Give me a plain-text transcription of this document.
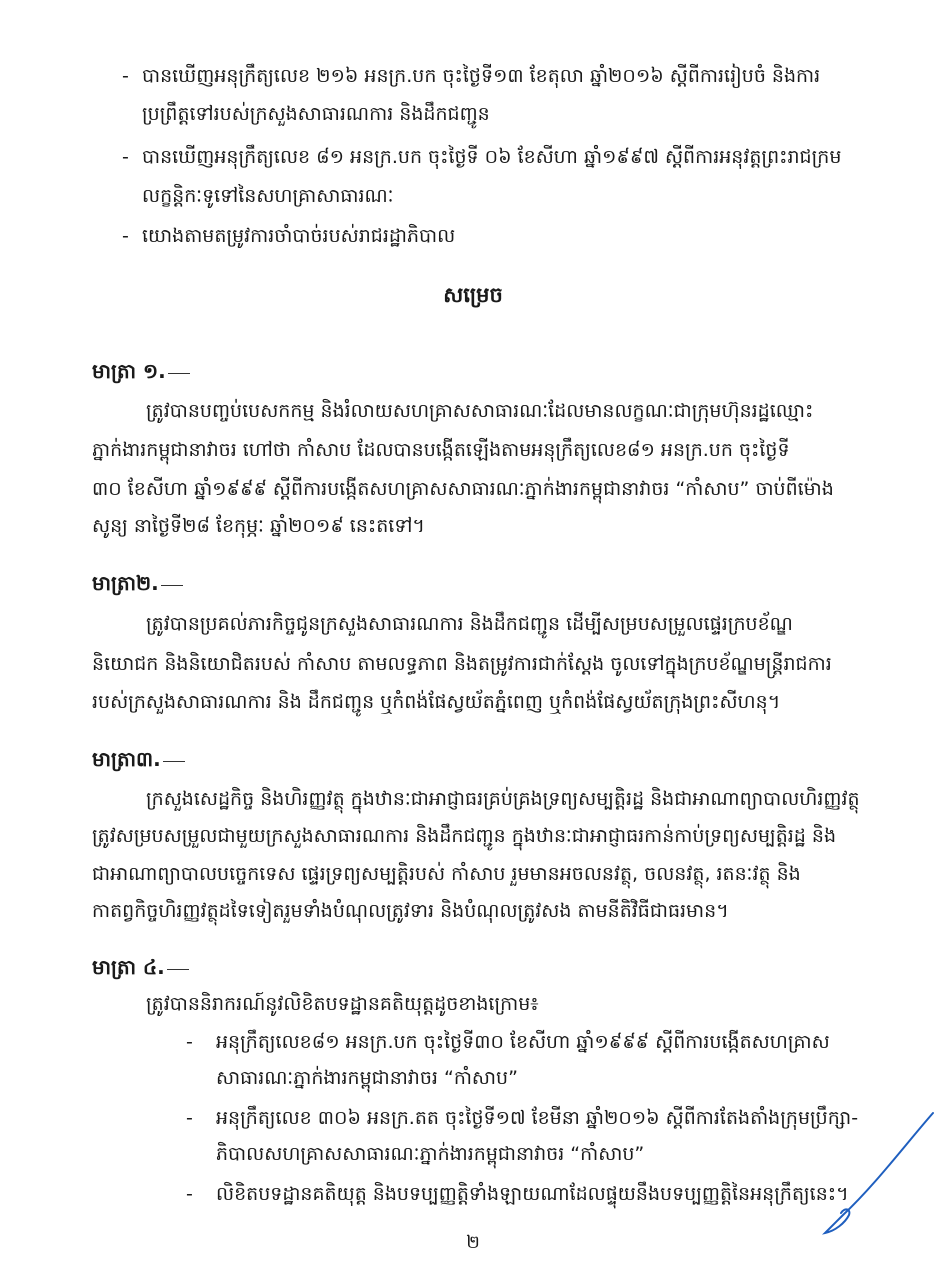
- បានឃើញអនុក្រឹត្យលេខ ២១៦ អនក្រ.បក ចុះថ្ងៃទី១៣ ខែតុលា ឆ្នាំ២០១៦ ស្តីពីការរៀបចំ និងការ
ប្រព្រឹត្តទៅរបស់ក្រសួងសាធារណការ និងដឹកជញ្ជូន
- បានឃើញអនុក្រឹត្យលេខ ៨១ អនក្រ.បក ចុះថ្ងៃទី ០៦ ខែសីហា ឆ្នាំ១៩៩៧ ស្តីពីការអនុវត្តព្រះរាជក្រម
លក្ខន្តិកៈទូទៅនៃសហគ្រាសាធារណៈ
- យោងតាមតម្រូវការចាំបាច់របស់រាជរដ្ឋាភិបាល
សម្រេច
មាត្រា ១.
ត្រូវបានបញ្ចប់បេសកកម្ម និងរំលាយសហគ្រាសសាធារណៈដែលមានលក្ខណៈជាក្រុមហ៊ុនរដ្ឋឈ្មោះ
ភ្នាក់ងារកម្ពុជានាវាចរ ហៅថា កាំសាប ដែលបានបង្កើតឡើងតាមអនុក្រឹត្យលេខ៨១ អនក្រ.បក ចុះថ្ងៃទី
៣០ ខែសីហា ឆ្នាំ១៩៩៩ ស្តីពីការបង្កើតសហគ្រាសសាធារណៈភ្នាក់ងារកម្ពុជានាវាចរ “កាំសាប” ចាប់ពីម៉ោង
សូន្យ នាថ្ងៃទី២៨ ខែកុម្ភៈ ឆ្នាំ២០១៩ នេះតទៅ។
មាត្រា២.
ត្រូវបានប្រគល់ភារកិច្ចជូនក្រសួងសាធារណការ និងដឹកជញ្ជូន ដើម្បីសម្របសម្រួលផ្ទេរក្របខ័ណ្ឌ
និយោជក និងនិយោជិតរបស់ កាំសាប តាមលទ្ធភាព និងតម្រូវការជាក់ស្តែង ចូលទៅក្នុងក្របខ័ណ្ឌមន្ត្រីរាជការ
របស់ក្រសួងសាធារណការ និង ដឹកជញ្ជូន ឬកំពង់ផែស្វយ័តភ្នំពេញ ឬកំពង់ផែស្វយ័តក្រុងព្រះសីហនុ។
មាត្រា៣.
ក្រសួងសេដ្ឋកិច្ច និងហិរញ្ញវត្ថុ ក្នុងឋានៈជាអាជ្ញាធរគ្រប់គ្រងទ្រព្យសម្បត្តិរដ្ឋ និងជាអាណាព្យាបាលហិរញ្ញវត្ថុ
ត្រូវសម្របសម្រួលជាមួយក្រសួងសាធារណការ និងដឹកជញ្ជូន ក្នុងឋានៈជាអាជ្ញាធរកាន់កាប់ទ្រព្យសម្បត្តិរដ្ឋ និង
ជាអាណាព្យាបាលបច្ចេកទេស ផ្ទេរទ្រព្យសម្បត្តិរបស់ កាំសាប រួមមានអចលនវត្ថុ, ចលនវត្ថុ, រតនៈវត្ថុ និង
កាតព្វកិច្ចហិរញ្ញវត្ថុដទៃទៀតរួមទាំងបំណុលត្រូវទារ និងបំណុលត្រូវសង តាមនីតិវិធីជាធរមាន។
មាត្រា ៤.
ត្រូវបាននិរាករណ៍នូវលិខិតបទដ្ឋានគតិយុត្តដូចខាងក្រោម៖
- អនុក្រឹត្យលេខ៨១ អនក្រ.បក ចុះថ្ងៃទី៣០ ខែសីហា ឆ្នាំ១៩៩៩ ស្តីពីការបង្កើតសហគ្រាស
សាធារណៈភ្នាក់ងារកម្ពុជានាវាចរ “កាំសាប”
- អនុក្រឹត្យលេខ ៣០៦ អនក្រ.តត ចុះថ្ងៃទី១៧ ខែមីនា ឆ្នាំ២០១៦ ស្តីពីការតែងតាំងក្រុមប្រឹក្សា-
ភិបាលសហគ្រាសសាធារណៈភ្នាក់ងារកម្ពុជានាវាចរ “កាំសាប”
- លិខិតបទដ្ឋានគតិយុត្ត និងបទប្បញ្ញត្តិទាំងឡាយណាដែលផ្ទុយនឹងបទប្បញ្ញត្តិនៃអនុក្រឹត្យនេះ។
២
